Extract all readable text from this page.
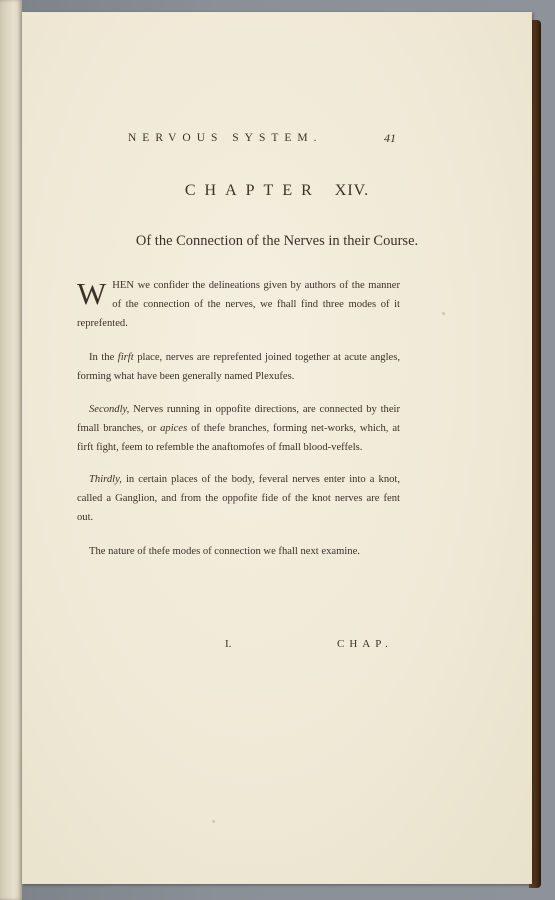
NERVOUS SYSTEM.	41
CHAPTER XIV.
Of the Connection of the Nerves in their Course.

WHEN we confider the delineations given by authors of the manner of the connection of the nerves, we fhall find three modes of it reprefented.

In the firft place, nerves are reprefented joined together at acute angles, forming what have been generally named Plexufes.

Secondly, Nerves running in oppofite directions, are connected by their fmall branches, or apices of thefe branches, forming net-works, which, at firft fight, feem to refemble the anaftomofes of fmall blood-veffels.

Thirdly, in certain places of the body, feveral nerves enter into a knot, called a Ganglion, and from the oppofite fide of the knot nerves are fent out.

The nature of thefe modes of connection we fhall next examine.

I.	CHAP.
